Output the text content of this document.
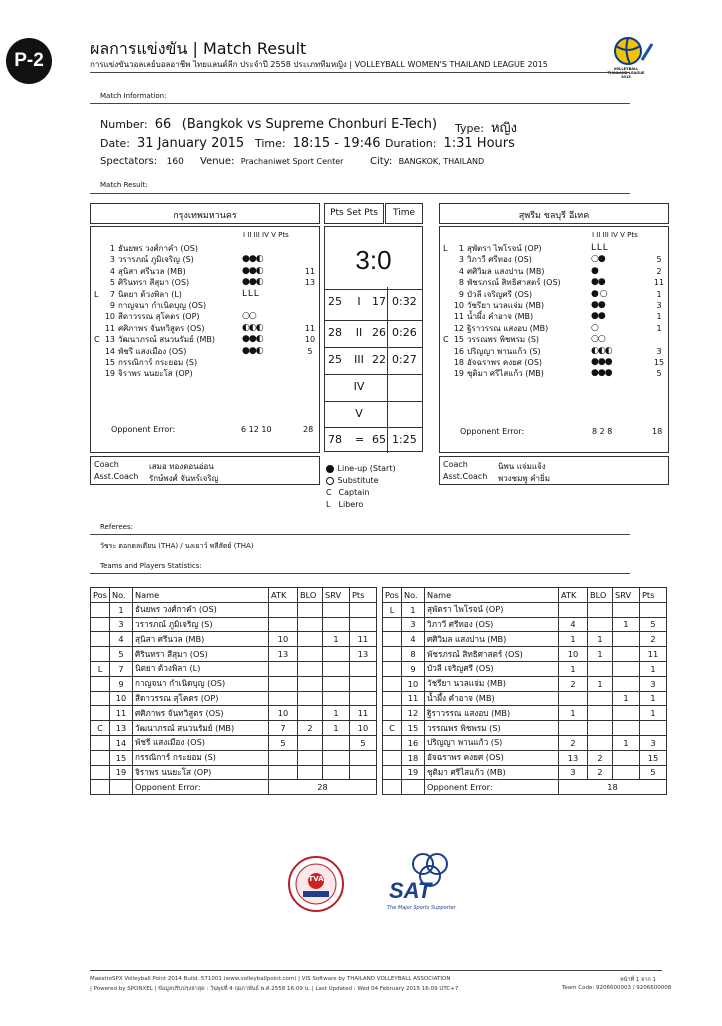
P-2
ผลการแข่งขัน | Match Result
การแข่งขันวอลเลย์บอลอาชีพ ไทยแลนด์ลีก ประจำปี 2558 ประเภททีมหญิง | VOLLEYBALL WOMEN'S THAILAND LEAGUE 2015	VOLLEYBALL THAILAND LEAGUE 2015
Match Information:
Number: 66 (Bangkok vs Supreme Chonburi E-Tech) Type: หญิง
Date: 31 January 2015 Time: 18:15 - 19:46 Duration: 1:31 Hours
Spectators: 160 Venue: Prachaniwet Sport Center	City: BANGKOK, THAILAND
Match Result:
กรุงเทพมหานคร
I II III IV V Pts
1 ธันยพร วงศ์กาคำ (OS)
3 วรารภณ์ ภูมิเจริญ (S)	●●◐
4 สุนิสา ศรีนวล (MB)	●●◐	11
5 ศิรินทรา สีสุมา (OS)	●●◐	13
L	7 นิตยา ต้วงพิลา (L)	L L L
9 กาญจนา กำเนิดบุญ (OS)
10 สีดาวรรณ สุโคตร (OP)	○○
11 ศศิภาพร จันทวิสูตร (OS)	◐◐◐	11
C 13 วัฒนาภรณ์ สนวนรัมย์ (MB)	●●◐	10
14 พัชรี แสงเมือง (OS)	●●◐	5
15 กรรณิการ์ กระยอม (S)
19 จิราพร นนยะโส (OP)
Opponent Error:	6 12 10	28
Pts Set Pts	Time
3:0
25	I	17 0:32
28	II 26 0:26
25	III 22 0:27
IV
V
78 = 65 1:25
สุพรีม ชลบุรี อีเทค
I II III IV V Pts
L	1 สุพัตรา ไพโรจน์ (OP)	L L L
3 วิภาวี ศรีทอง (OS)	○●	5
4 ศศิวิมล แสงปาน (MB)	●	2
8 พัชรภรณ์ สิทธิศาสตร์ (OS)	●●	11
9 บัวลี เจริญศรี (OS)	● ○	1
10 วัชรียา นวลแจ่ม (MB)	●●	3
11 น้ำผึ้ง คำอาจ (MB)	●●	1
12 ฐิราวรรณ แสงอบ (MB)	○	1
C 15 วรรณพร พิชพรม (S)	○○
16 ปริญญา พานแก้ว (S)	◐◐◐	3
18 อัจฉราพร คงยศ (OS)	●●●	15
19 ชุติมา ศรีไสแก้ว (MB)	●●●	5
Opponent Error:	8 2 8	18
Coach	เสมอ ทองดอนอ่อน
Asst.Coach รักษ์พงศ์ จันทร์เจริญ
Coach	นิพน แจ่มแจ้ง
Asst.Coach พวงชมพู คำยิ่ม
Line-up (Start)
Substitute
C Captain
L Libero
Referees:
วัชระ ตอกตลเตียน (THA) / นงเยาว์ พลีสัตย์ (THA)
Teams and Players Statistics:
Pos	No.	Name	ATK	BLO	SRV	Pts
	1	ธันยพร วงศ์กาคำ (OS)				
	3	วรารภณ์ ภูมิเจริญ (S)				
	4	สุนิสา ศรีนวล (MB)	10		1	11
	5	ศิรินทรา สีสุมา (OS)	13			13
L	7	นิตยา ต้วงพิลา (L)				
	9	กาญจนา กำเนิดบุญ (OS)				
	10	สีดาวรรณ สุโคตร (OP)				
	11	ศศิภาพร จันทวิสูตร (OS)	10		1	11
C	13	วัฒนาภรณ์ สนวนรัมย์ (MB)	7	2	1	10
	14	พัชรี แสงเมือง (OS)	5			5
	15	กรรณิการ์ กระยอม (S)				
	19	จิราพร นนยะโส (OP)				
		Opponent Error:	28			
Pos	No.	Name	ATK	BLO	SRV	Pts
L	1	สุพัตรา ไพโรจน์ (OP)				
	3	วิภาวี ศรีทอง (OS)	4		1	5
	4	ศศิวิมล แสงปาน (MB)	1	1		2
	8	พัชรภรณ์ สิทธิศาสตร์ (OS)	10	1		11
	9	บัวลี เจริญศรี (OS)	1			1
	10	วัชรียา นวลแจ่ม (MB)	2	1		3
	11	น้ำผึ้ง คำอาจ (MB)			1	1
	12	ฐิราวรรณ แสงอบ (MB)	1			1
C	15	วรรณพร พิชพรม (S)				
	16	ปริญญา พานแก้ว (S)	2		1	3
	18	อัจฉราพร คงยศ (OS)	13	2		15
	19	ชุติมา ศรีไสแก้ว (MB)	3	2		5
		Opponent Error:	18			
TVA	SAT
The Major Sports Supporter
MaestroSPX Volleyball Point 2014 Build. 571001 (www.volleyballpoint.com) | VIS Software by THAILAND VOLLEYBALL ASSOCIATION
| Powered by SPONXEL | ข้อมูลปรับปรุงล่าสุด : วันพุธที่ 4 กุมภาพันธ์ พ.ศ.2558 16:09 น. | Last Updated : Wed 04 February 2015 16:09 UTC+7
หน้าที่ 1 จาก 1
Team Code: 9206600003 / 9206600008
